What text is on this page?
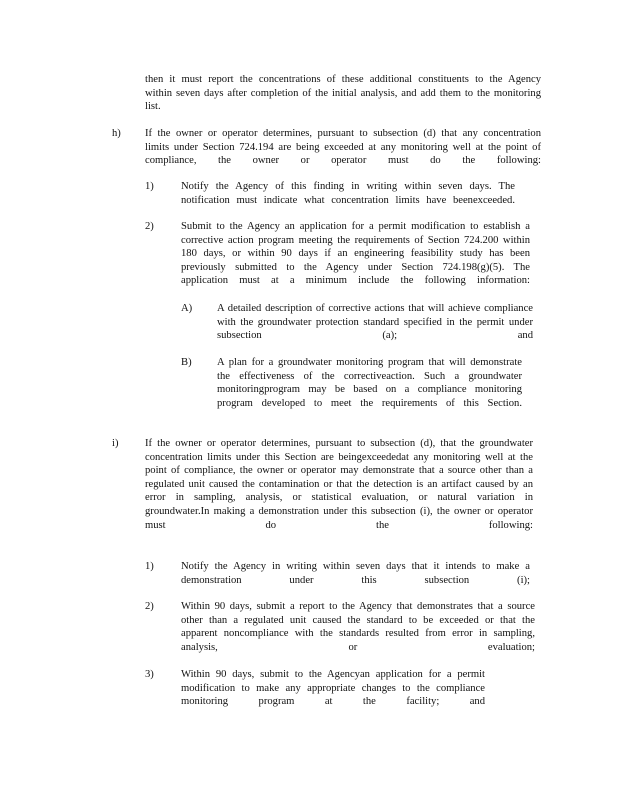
then it must report the concentrations of these additional constituents to the Agency within seven days after completion of the initial analysis, and add them to the monitoring list.
h) If the owner or operator determines, pursuant to subsection (d) that any concentration limits under Section 724.194 are being exceeded at any monitoring well at the point of compliance, the owner or operator must do the following:
1)	Notify the Agency of this finding in writing within seven days. The notification must indicate what concentration limits have beenexceeded.
2)	Submit to the Agency an application for a permit modification to establish a corrective action program meeting the requirements of Section 724.200 within 180 days, or within 90 days if an engineering feasibility study has been previously submitted to the Agency under Section 724.198(g)(5). The application must at a minimum include the following information:
A) A detailed description of corrective actions that will achieve compliance with the groundwater protection standard specified in the permit under subsection (a); and
B) A plan for a groundwater monitoring program that will demonstrate the effectiveness of the correctiveaction. Such a groundwater monitoringprogram may be based on a compliance monitoring program developed to meet the requirements of this Section.
i)	If the owner or operator determines, pursuant to subsection (d), that the groundwater concentration limits under this Section are beingexceededat any monitoring well at the point of compliance, the owner or operator may demonstrate that a source other than a regulated unit caused the contamination or that the detection is an artifact caused by an error in sampling, analysis, or statistical evaluation, or natural variation in groundwater.In making a demonstration under this subsection (i), the owner or operator must do the following:
1)	Notify the Agency in writing within seven days that it intends to make a demonstration under this subsection (i);
2)	Within 90 days, submit a report to the Agency that demonstrates that a source other than a regulated unit caused the standard to be exceeded or that the apparent noncompliance with the standards resulted from error in sampling, analysis, or evaluation;
3)	Within 90 days, submit to the Agencyan application for a permit modification to make any appropriate changes to the compliance monitoring program at the facility; and
